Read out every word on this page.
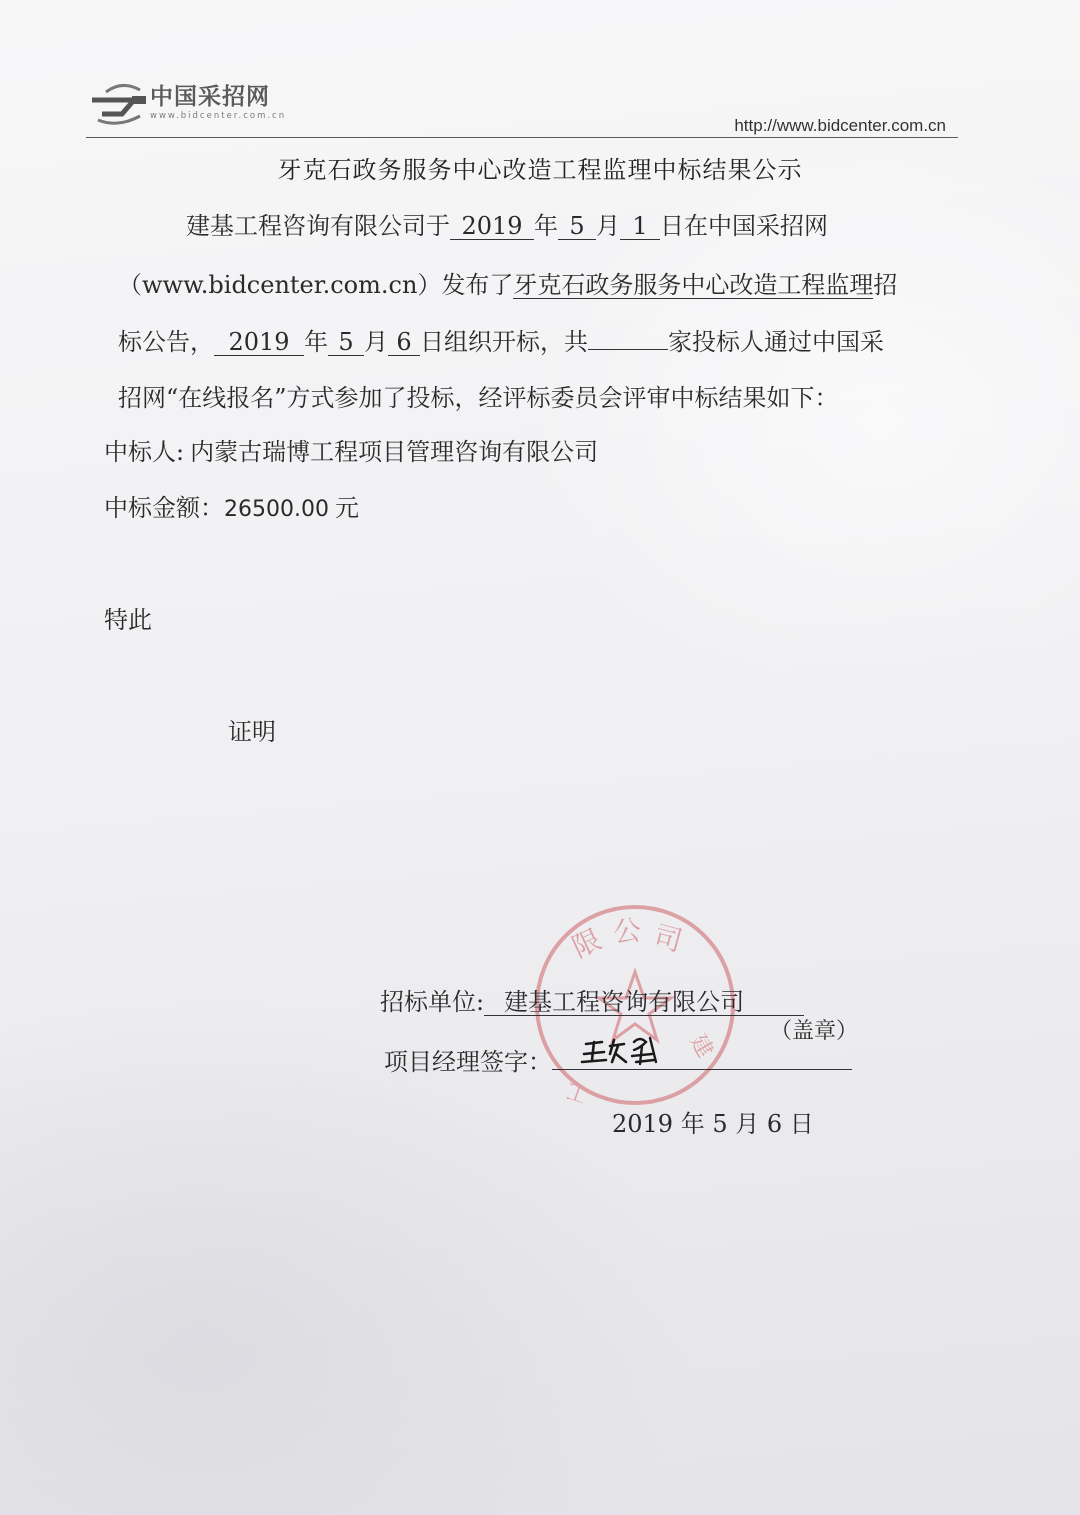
中国采招网
www.bidcenter.com.cn	http://www.bidcenter.com.cn
牙克石政务服务中心改造工程监理中标结果公示
建基工程咨询有限公司于 2019 年 5 月 1 日在中国采招网
（www.bidcenter.com.cn）发布了牙克石政务服务中心改造工程监理招
标公告， 2019 年 5 月 6 日组织开标，共	家投标人通过中国采
招网“在线报名”方式参加了投标，经评标委员会评审中标结果如下：
中标人: 内蒙古瑞博工程项目管理咨询有限公司
中标金额：26500.00 元
特此
证明
限 公 司
建
工
招标单位: 建基工程咨询有限公司
（盖章）
项目经理签字：
2019 年 5 月 6 日
